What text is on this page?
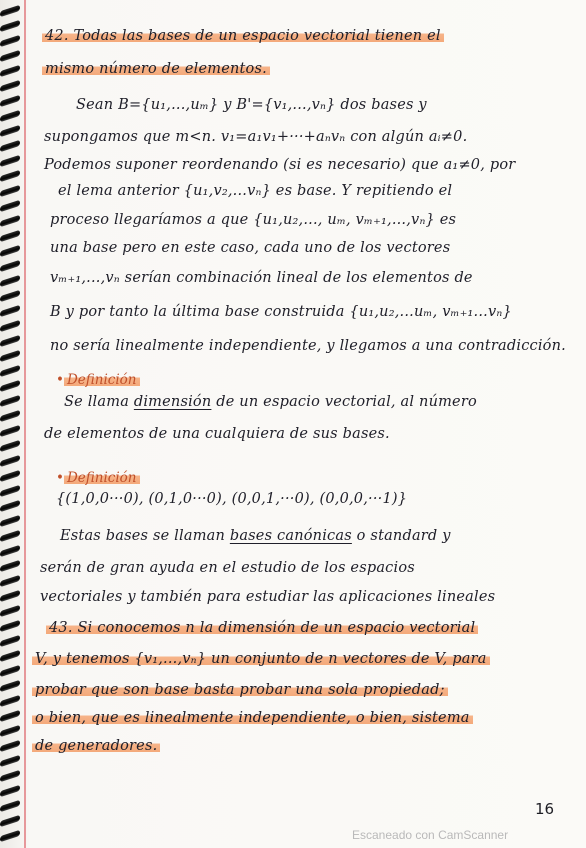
42. Todas las bases de un espacio vectorial tienen el
mismo número de elementos.
Sean B={u₁,...,uₘ} y B'={v₁,...,vₙ} dos bases y
supongamos que m<n. v₁=a₁v₁+···+aₙvₙ con algún aᵢ≠0.
Podemos suponer reordenando (si es necesario) que a₁≠0, por
el lema anterior {u₁,v₂,...vₙ} es base. Y repitiendo el
proceso llegaríamos a que {u₁,u₂,..., uₘ, vₘ₊₁,...,vₙ} es
una base pero en este caso, cada uno de los vectores
vₘ₊₁,...,vₙ serían combinación lineal de los elementos de
B y por tanto la última base construida {u₁,u₂,...uₘ, vₘ₊₁...vₙ}
no sería linealmente independiente, y llegamos a una contradicción.
• Definición
Se llama dimensión de un espacio vectorial, al número
de elementos de una cualquiera de sus bases.
• Definición
{(1,0,0···0), (0,1,0···0), (0,0,1,···0), (0,0,0,···1)}
Estas bases se llaman bases canónicas o standard y
serán de gran ayuda en el estudio de los espacios
vectoriales y también para estudiar las aplicaciones lineales
43. Si conocemos n la dimensión de un espacio vectorial
V, y tenemos {v₁,...,vₙ} un conjunto de n vectores de V, para
probar que son base basta probar una sola propiedad;
o bien, que es linealmente independiente, o bien, sistema
de generadores.
16
Escaneado con CamScanner
